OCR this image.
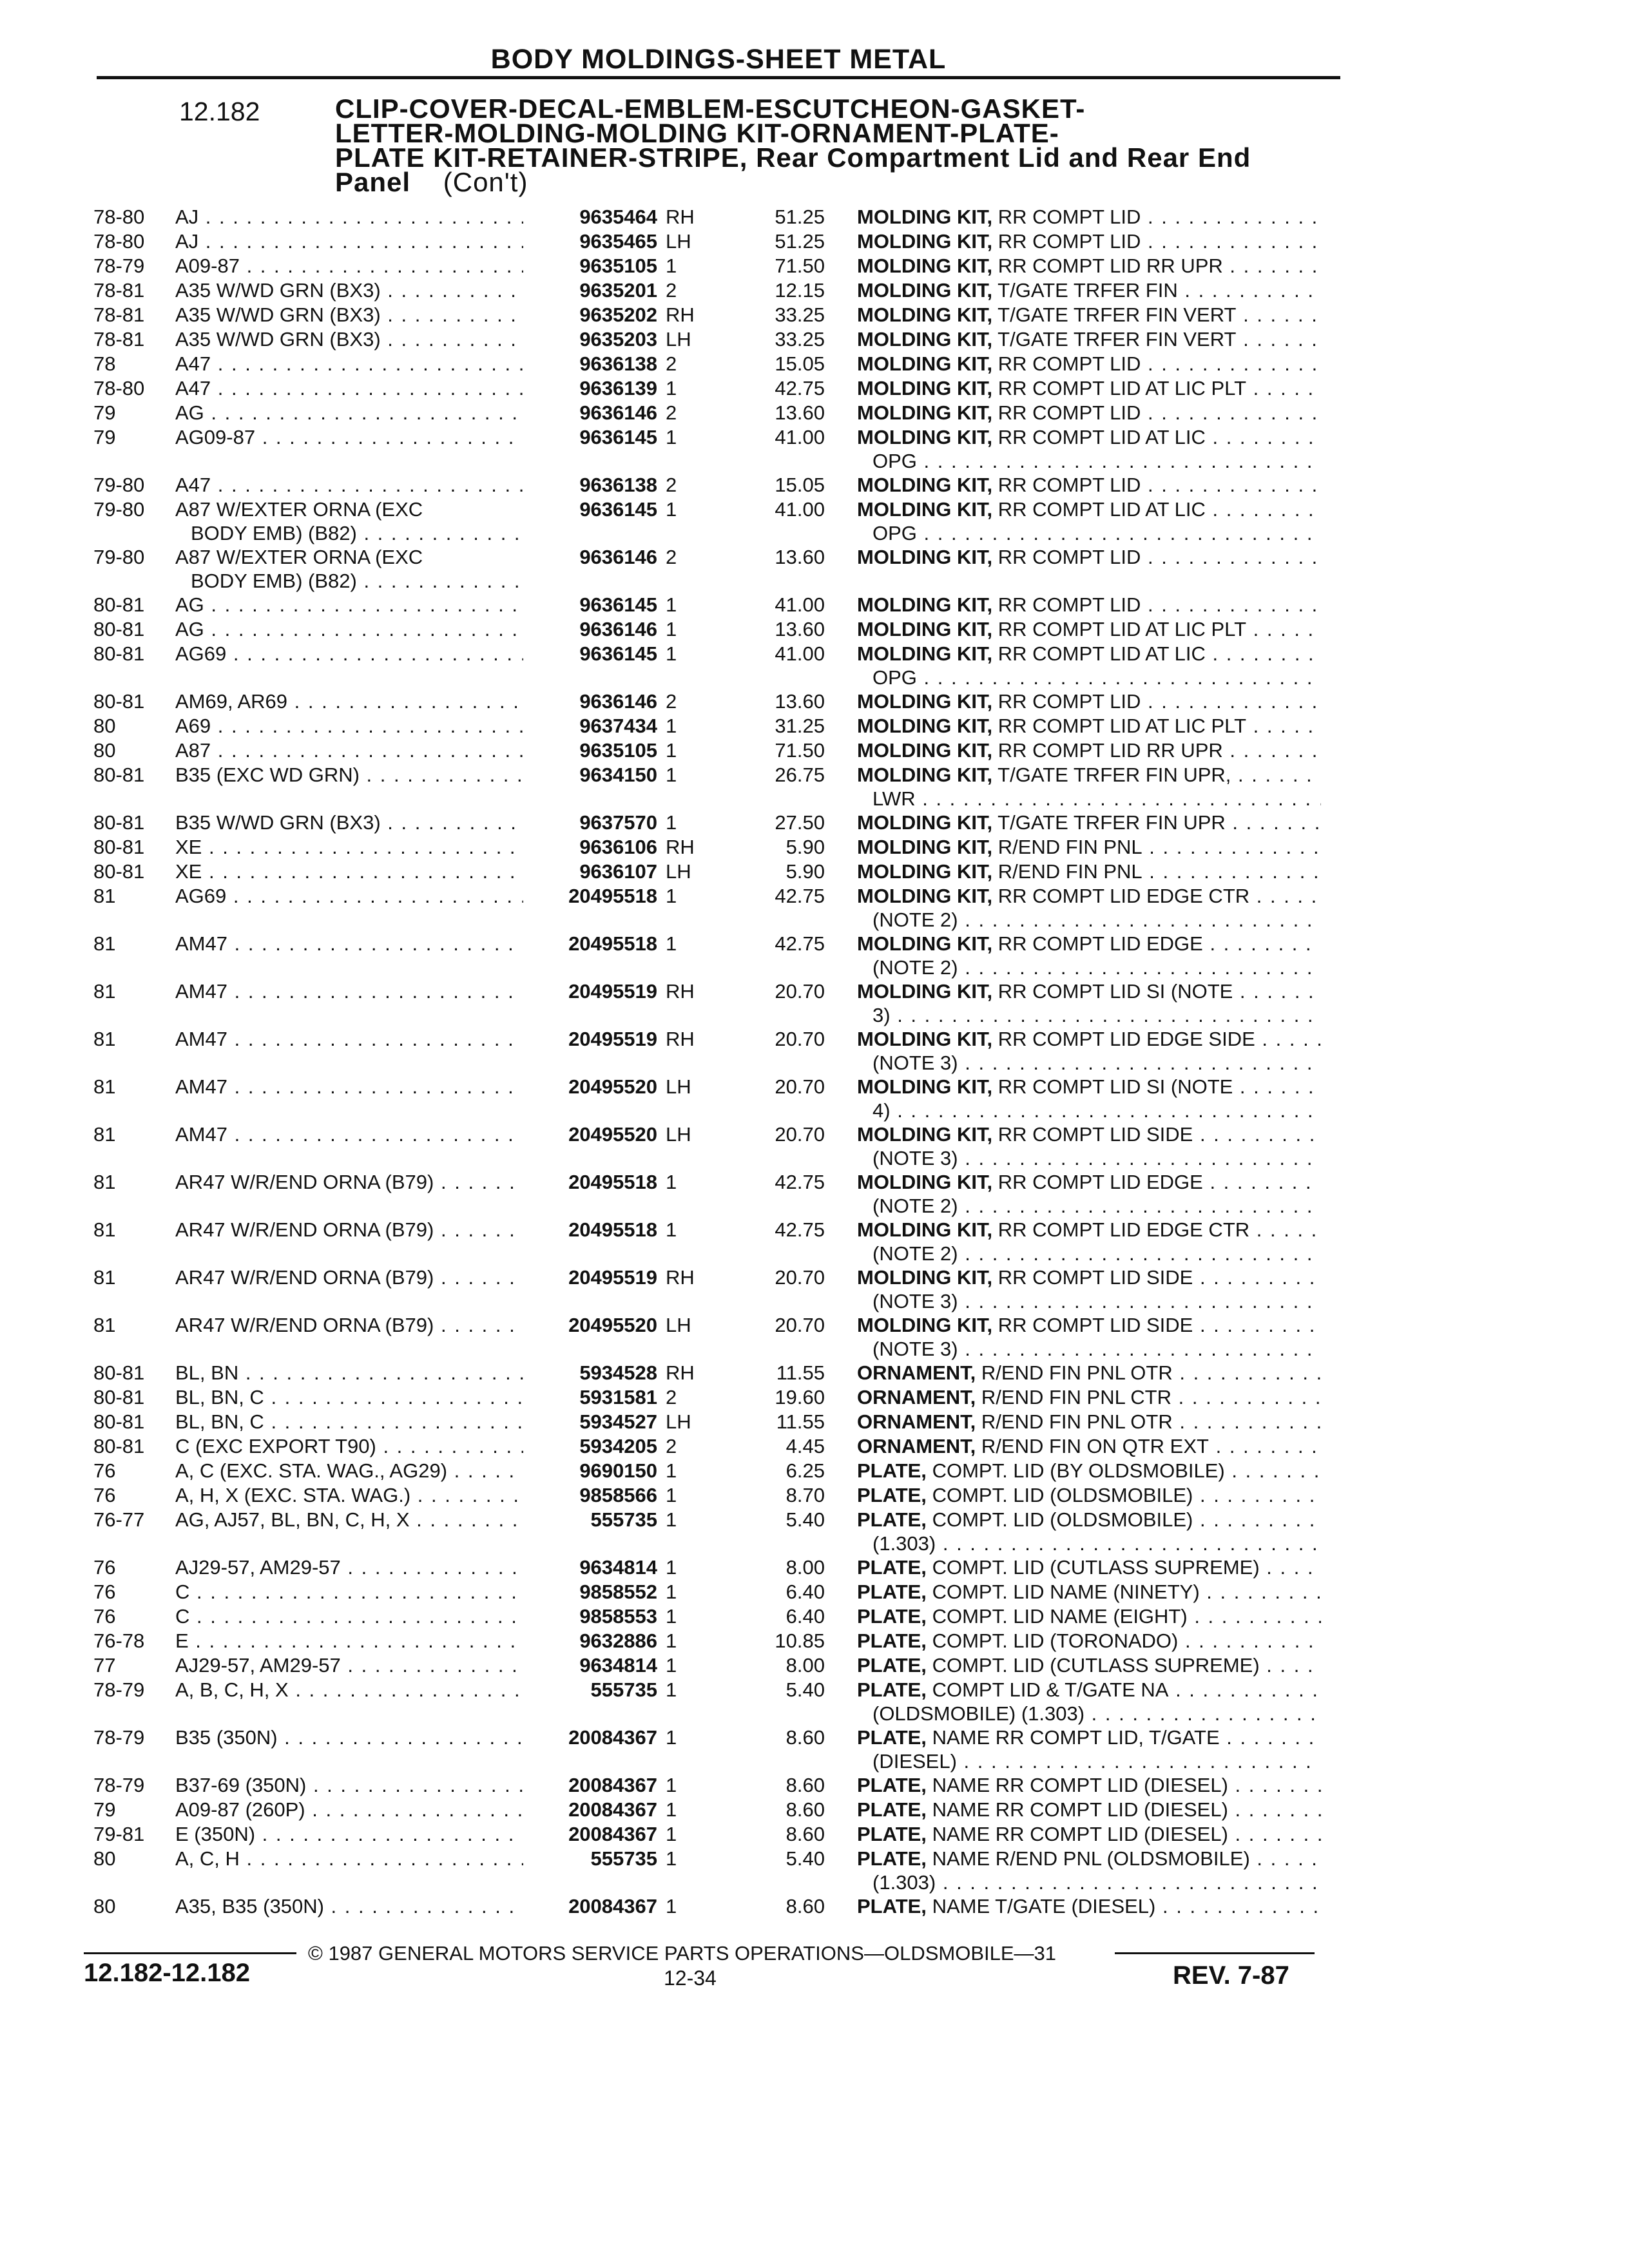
BODY MOLDINGS-SHEET METAL
12.182	CLIP-COVER-DECAL-EMBLEM-ESCUTCHEON-GASKET-
LETTER-MOLDING-MOLDING KIT-ORNAMENT-PLATE-
PLATE KIT-RETAINER-STRIPE, Rear Compartment Lid and Rear End
Panel (Con't)
78-80	AJ . . .	9635464 RH	51.25 MOLDING KIT, RR COMPT LID . . .
78-80	AJ . . .	9635465 LH	51.25 MOLDING KIT, RR COMPT LID . . .
78-79	A09-87 . . .	9635105 1	71.50 MOLDING KIT, RR COMPT LID RR UPR . . .
78-81	A35 W/WD GRN (BX3) . . .	9635201 2	12.15 MOLDING KIT, T/GATE TRFER FIN . . .
78-81	A35 W/WD GRN (BX3) . . .	9635202 RH	33.25 MOLDING KIT, T/GATE TRFER FIN VERT . . .
78-81	A35 W/WD GRN (BX3) . . .	9635203 LH	33.25 MOLDING KIT, T/GATE TRFER FIN VERT . . .
78	A47 . . .	9636138 2	15.05 MOLDING KIT, RR COMPT LID . . .
78-80	A47 . . .	9636139 1	42.75 MOLDING KIT, RR COMPT LID AT LIC PLT . . .
79	AG . . .	9636146 2	13.60 MOLDING KIT, RR COMPT LID . . .
79	AG09-87 . . .	9636145 1	41.00 MOLDING KIT, RR COMPT LID AT LIC . . .
OPG . . .
79-80	A47 . . .	9636138 2	15.05 MOLDING KIT, RR COMPT LID . . .
79-80	A87 W/EXTER ORNA (EXC
BODY EMB) (B82) . . .
9636145 1	41.00 MOLDING KIT, RR COMPT LID AT LIC . . .
OPG . . .
79-80	A87 W/EXTER ORNA (EXC
BODY EMB) (B82) . . .
9636146 2	13.60 MOLDING KIT, RR COMPT LID . . .
80-81	AG . . .	9636145 1	41.00 MOLDING KIT, RR COMPT LID . . .
80-81	AG . . .	9636146 1	13.60 MOLDING KIT, RR COMPT LID AT LIC PLT . . .
80-81	AG69 . . .	9636145 1	41.00 MOLDING KIT, RR COMPT LID AT LIC . . .
OPG . . .
80-81	AM69, AR69 . . .	9636146 2	13.60 MOLDING KIT, RR COMPT LID . . .
80	A69 . . .	9637434 1	31.25 MOLDING KIT, RR COMPT LID AT LIC PLT . . .
80	A87 . . .	9635105 1	71.50 MOLDING KIT, RR COMPT LID RR UPR . . .
80-81	B35 (EXC WD GRN) . . .	9634150 1	26.75 MOLDING KIT, T/GATE TRFER FIN UPR, . . .
LWR . . .
80-81	B35 W/WD GRN (BX3) . . .	9637570 1	27.50 MOLDING KIT, T/GATE TRFER FIN UPR . . .
80-81	XE . . .	9636106 RH	5.90 MOLDING KIT, R/END FIN PNL . . .
80-81	XE . . .	9636107 LH	5.90 MOLDING KIT, R/END FIN PNL . . .
81	AG69 . . .	20495518 1	42.75 MOLDING KIT, RR COMPT LID EDGE CTR . . .
(NOTE 2) . . .
81	AM47 . . .	20495518 1	42.75 MOLDING KIT, RR COMPT LID EDGE . . .
(NOTE 2) . . .
81	AM47 . . .	20495519 RH	20.70 MOLDING KIT, RR COMPT LID SI (NOTE . . .
3) . . .
81	AM47 . . .	20495519 RH	20.70 MOLDING KIT, RR COMPT LID EDGE SIDE . . .
(NOTE 3) . . .
81	AM47 . . .	20495520 LH	20.70 MOLDING KIT, RR COMPT LID SI (NOTE . . .
4) . . .
81	AM47 . . .	20495520 LH	20.70 MOLDING KIT, RR COMPT LID SIDE . . .
(NOTE 3) . . .
81	AR47 W/R/END ORNA (B79) . . .	20495518 1	42.75 MOLDING KIT, RR COMPT LID EDGE . . .
(NOTE 2) . . .
81	AR47 W/R/END ORNA (B79) . . .	20495518 1	42.75 MOLDING KIT, RR COMPT LID EDGE CTR . . .
(NOTE 2) . . .
81	AR47 W/R/END ORNA (B79) . . .	20495519 RH	20.70 MOLDING KIT, RR COMPT LID SIDE . . .
(NOTE 3) . . .
81	AR47 W/R/END ORNA (B79) . . .	20495520 LH	20.70 MOLDING KIT, RR COMPT LID SIDE . . .
(NOTE 3) . . .
80-81	BL, BN . . .	5934528 RH	11.55 ORNAMENT, R/END FIN PNL OTR . . .
80-81	BL, BN, C . . .	5931581 2	19.60 ORNAMENT, R/END FIN PNL CTR . . .
80-81	BL, BN, C . . .	5934527 LH	11.55 ORNAMENT, R/END FIN PNL OTR . . .
80-81	C (EXC EXPORT T90) . . .	5934205 2	4.45 ORNAMENT, R/END FIN ON QTR EXT . . .
76	A, C (EXC. STA. WAG., AG29) . . .	9690150 1	6.25 PLATE, COMPT. LID (BY OLDSMOBILE) . . .
76	A, H, X (EXC. STA. WAG.) . . .	9858566 1	8.70 PLATE, COMPT. LID (OLDSMOBILE) . . .
76-77	AG, AJ57, BL, BN, C, H, X . . .	555735 1	5.40 PLATE, COMPT. LID (OLDSMOBILE) . . .
(1.303) . . .
76	AJ29-57, AM29-57 . . .	9634814 1	8.00 PLATE, COMPT. LID (CUTLASS SUPREME) . . .
76	C . . .	9858552 1	6.40 PLATE, COMPT. LID NAME (NINETY) . . .
76	C . . .	9858553 1	6.40 PLATE, COMPT. LID NAME (EIGHT) . . .
76-78	E . . .	9632886 1	10.85 PLATE, COMPT. LID (TORONADO) . . .
77	AJ29-57, AM29-57 . . .	9634814 1	8.00 PLATE, COMPT. LID (CUTLASS SUPREME) . . .
78-79	A, B, C, H, X . . .	555735 1	5.40 PLATE, COMPT LID & T/GATE NA . . .
(OLDSMOBILE) (1.303) . . .
78-79	B35 (350N) . . .	20084367 1	8.60 PLATE, NAME RR COMPT LID, T/GATE . . .
(DIESEL) . . .
78-79	B37-69 (350N) . . .	20084367 1	8.60 PLATE, NAME RR COMPT LID (DIESEL) . . .
79	A09-87 (260P) . . .	20084367 1	8.60 PLATE, NAME RR COMPT LID (DIESEL) . . .
79-81	E (350N) . . .	20084367 1	8.60 PLATE, NAME RR COMPT LID (DIESEL) . . .
80	A, C, H . . .	555735 1	5.40 PLATE, NAME R/END PNL (OLDSMOBILE) . . .
(1.303) . . .
80	A35, B35 (350N) . . .	20084367 1	8.60 PLATE, NAME T/GATE (DIESEL) . . .
© 1987 GENERAL MOTORS SERVICE PARTS OPERATIONS—OLDSMOBILE—31
12.182-12.182	12-34	REV. 7-87
